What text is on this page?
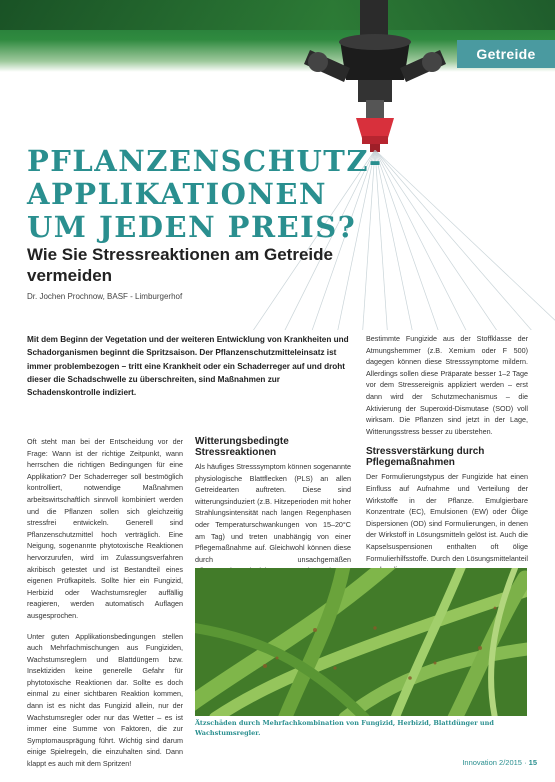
Getreide
PFLANZENSCHUTZ-APPLIKATIONEN UM JEDEN PREIS?
Wie Sie Stressreaktionen am Getreide vermeiden
Dr. Jochen Prochnow, BASF - Limburgerhof

Mit dem Beginn der Vegetation und der weiteren Entwicklung von Krankheiten und Schadorganismen beginnt die Spritzsaison. Der Pflanzenschutzmitteleinsatz ist immer problembezogen – tritt eine Krankheit oder ein Schaderreger auf und droht dieser die Schadschwelle zu überschreiten, sind Maßnahmen zur Schadenskontrolle indiziert.

Oft steht man bei der Entscheidung vor der Frage: Wann ist der richtige Zeitpunkt, wann herrschen die richtigen Bedingungen für eine Applikation? Der Schaderreger soll bestmöglich kontrolliert, notwendige Maßnahmen arbeitswirtschaftlich sinnvoll kombiniert werden und die Pflanzen sollen sich gleichzeitig stressfrei entwickeln. Generell sind Pflanzenschutzmittel hoch verträglich. Eine Neigung, sogenannte phytotoxische Reaktionen hervorzurufen, wird im Zulassungsverfahren akribisch getestet und ist Bestandteil eines eigenen Prüfkapitels. Sollte hier ein Fungizid, Herbizid oder Wachstumsregler auffällig reagieren, werden automatisch Auflagen ausgesprochen.

Unter guten Applikationsbedingungen stellen auch Mehrfachmischungen aus Fungiziden, Wachstumsreglern und Blattdüngern bzw. Insektiziden keine generelle Gefahr für phytotoxische Reaktionen dar. Sollte es doch einmal zu einer sichtbaren Reaktion kommen, dann ist es nicht das Fungizid allein, nur der Wachstumsregler oder nur das Wetter – es ist immer eine Summe von Faktoren, die zur Symptomausprägung führt. Wichtig sind darum einige Spielregeln, die einzuhalten sind. Dann klappt es auch mit dem Spritzen!

Witterungsbedingte Stressreaktionen

Als häufiges Stresssymptom können sogenannte physiologische Blattflecken (PLS) an allen Getreidearten auftreten. Diese sind witterungsinduziert (z.B. Hitzeperioden mit hoher Strahlungsintensität nach langen Regenphasen oder Temperaturschwankungen von 15–20°C am Tag) und treten unabhängig von einer Pflegemaßnahme auf. Gleichwohl können diese durch unsachgemäßen

Bestimmte Fungizide aus der Stoffklasse der Atmungshemmer (z.B. Xemium oder F 500) dagegen können diese Stresssymptome mildern. Allerdings sollen diese Präparate besser 1–2 Tage vor dem Stressereignis appliziert werden – erst dann wird der Schutzmechanismus – die Aktivierung der Superoxid-Dismutase (SOD) voll wirksam. Die Pflanzen sind jetzt in der Lage, Witterungsstress besser zu überstehen.

Stressverstärkung durch Pflegemaßnahmen

Der Formulierungstypus der Fungizide hat einen Einfluss auf Aufnahme und Verteilung der Wirkstoffe in der Pflanze. Emulgierbare Konzentrate (EC), Emulsionen (EW) oder Ölige Dispersionen (OD) sind Formulierungen, in denen der Wirkstoff in Lösungsmitteln gelöst ist. Auch die Kapselsuspensionen enthalten oft ölige Formulierhilfsstoffe. Durch den Lösungsmittelanteil

Ätzschäden durch Mehrfachkombination von Fungizid, Herbizid, Blattdünger und Wachstumsregler.

Innovation 2/2015 · 15
